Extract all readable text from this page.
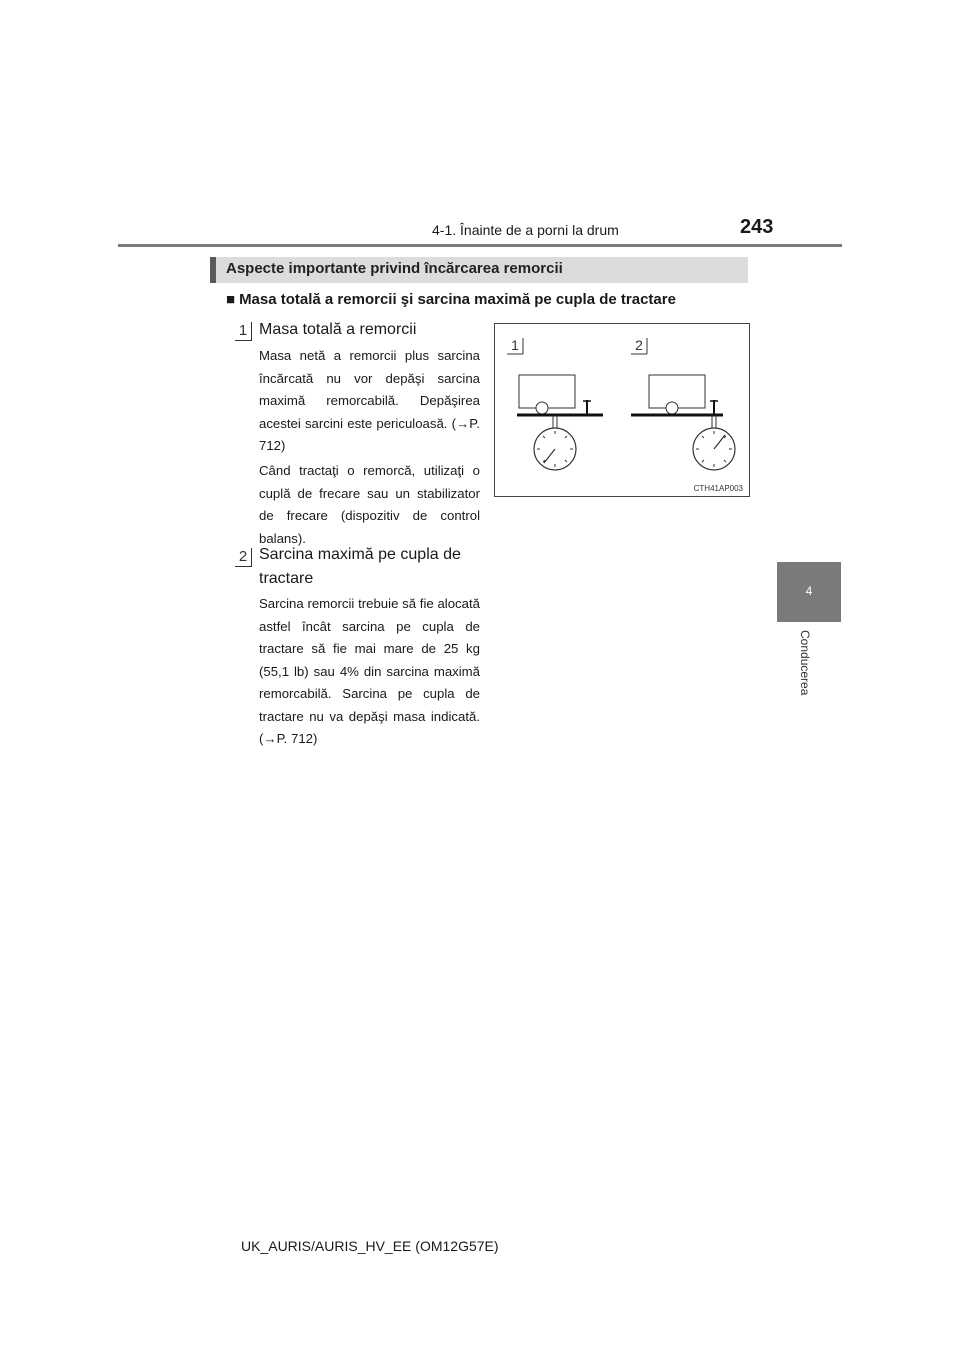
4-1. Înainte de a porni la drum	243
4
Conducerea
Aspecte importante privind încărcarea remorcii
■ Masa totală a remorcii şi sarcina maximă pe cupla de tractare
1 Masa totală a remorcii
Masa netă a remorcii plus sarcina încărcată nu vor depăşi sarcina maximă remorcabilă. Depăşirea acestei sarcini este periculoasă. (→P. 712)
Când tractaţi o remorcă, utilizaţi o cuplă de frecare sau un stabilizator de frecare (dispozitiv de control balans).
2 Sarcina maximă pe cupla de tractare
Sarcina remorcii trebuie să fie alocată astfel încât sarcina pe cupla de tractare să fie mai mare de 25 kg (55,1 lb) sau 4% din sarcina maximă remorcabilă. Sarcina pe cupla de tractare nu va depăşi masa indicată. (→P. 712)
1	2
CTH41AP003
UK_AURIS/AURIS_HV_EE (OM12G57E)
